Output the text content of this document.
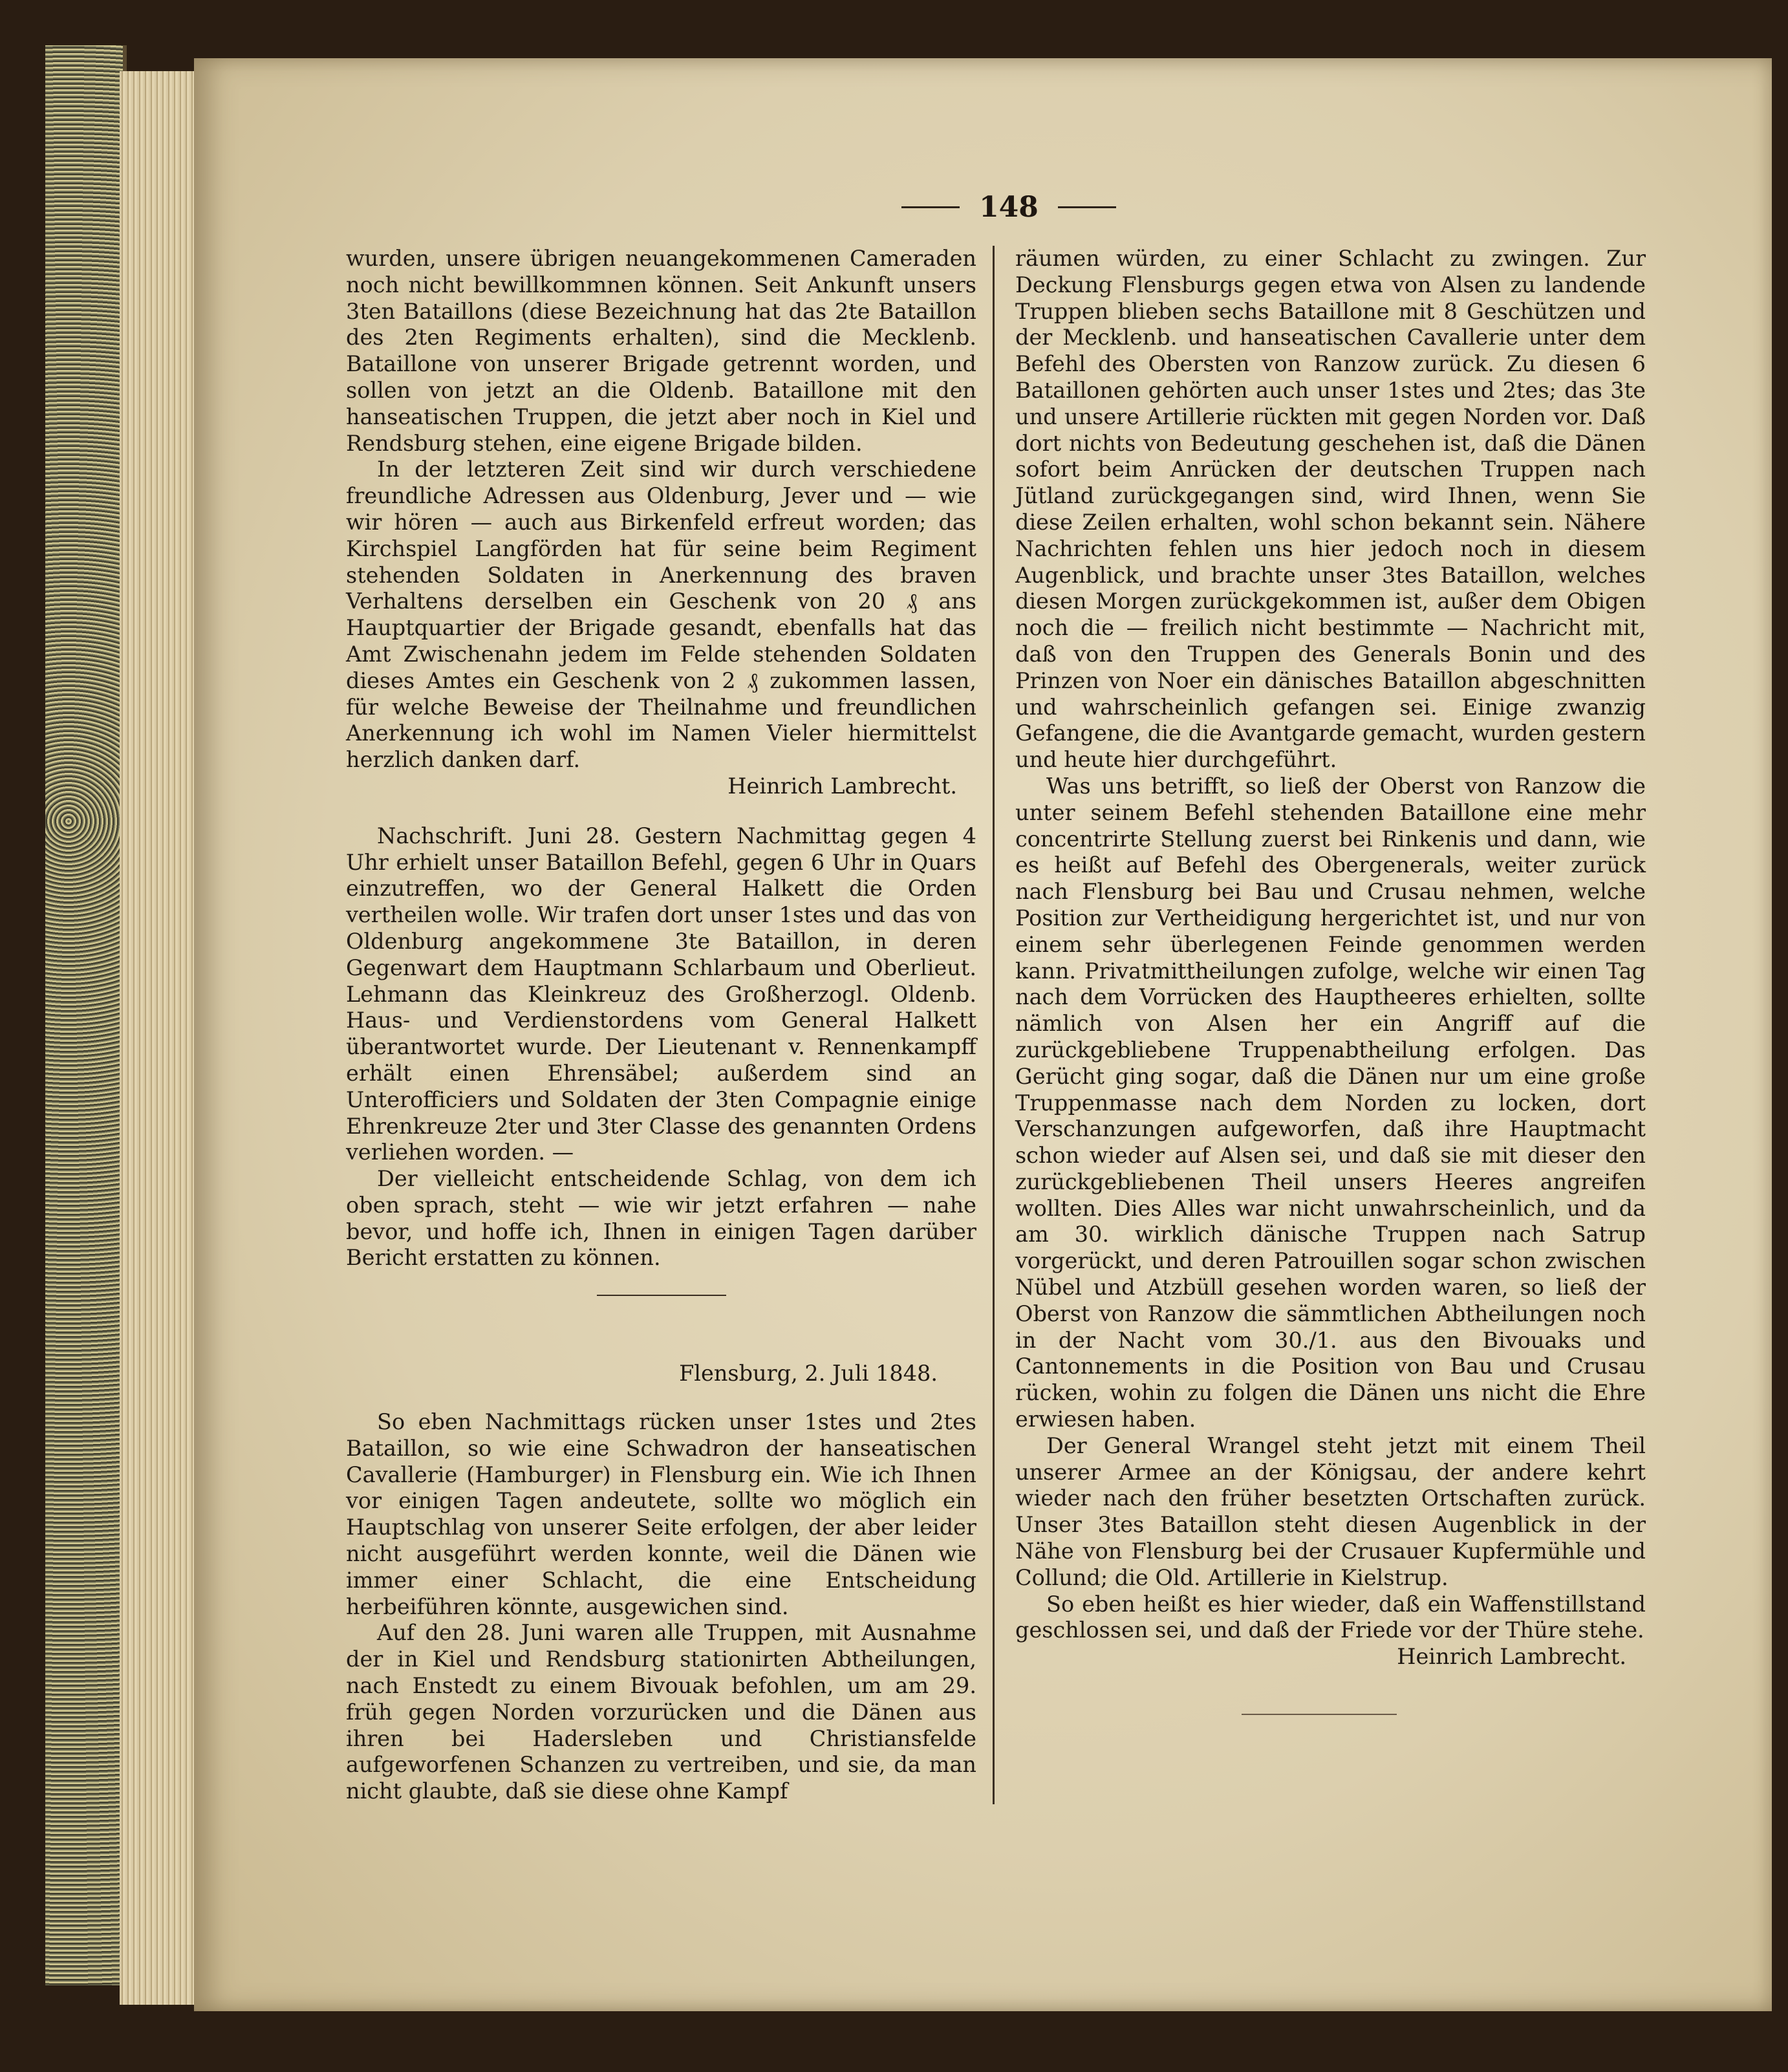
148

wurden, unsere übrigen neuangekommenen Cameraden noch nicht bewillkommnen können. Seit Ankunft unsers 3ten Bataillons (diese Bezeichnung hat das 2te Bataillon des 2ten Regiments erhalten), sind die Mecklenb. Bataillone von unserer Brigade getrennt worden, und sollen von jetzt an die Oldenb. Bataillone mit den hanseatischen Truppen, die jetzt aber noch in Kiel und Rendsburg stehen, eine eigene Brigade bilden.

In der letzteren Zeit sind wir durch verschiedene freundliche Adressen aus Oldenburg, Jever und — wie wir hören — auch aus Birkenfeld erfreut worden; das Kirchspiel Langförden hat für seine beim Regiment stehenden Soldaten in Anerkennung des braven Verhaltens derselben ein Geschenk von 20 ₰ ans Hauptquartier der Brigade gesandt, ebenfalls hat das Amt Zwischenahn jedem im Felde stehenden Soldaten dieses Amtes ein Geschenk von 2 ₰ zukommen lassen, für welche Beweise der Theilnahme und freundlichen Anerkennung ich wohl im Namen Vieler hiermittelst herzlich danken darf.

Heinrich Lambrecht.

Nachschrift. Juni 28. Gestern Nachmittag gegen 4 Uhr erhielt unser Bataillon Befehl, gegen 6 Uhr in Quars einzutreffen, wo der General Halkett die Orden vertheilen wolle. Wir trafen dort unser 1stes und das von Oldenburg angekommene 3te Bataillon, in deren Gegenwart dem Hauptmann Schlarbaum und Oberlieut. Lehmann das Kleinkreuz des Großherzogl. Oldenb. Haus- und Verdienstordens vom General Halkett überantwortet wurde. Der Lieutenant v. Rennenkampff erhält einen Ehrensäbel; außerdem sind an Unterofficiers und Soldaten der 3ten Compagnie einige Ehrenkreuze 2ter und 3ter Classe des genannten Ordens verliehen worden. —

Der vielleicht entscheidende Schlag, von dem ich oben sprach, steht — wie wir jetzt erfahren — nahe bevor, und hoffe ich, Ihnen in einigen Tagen darüber Bericht erstatten zu können.

Flensburg, 2. Juli 1848.

So eben Nachmittags rücken unser 1stes und 2tes Bataillon, so wie eine Schwadron der hanseatischen Cavallerie (Hamburger) in Flensburg ein. Wie ich Ihnen vor einigen Tagen andeutete, sollte wo möglich ein Hauptschlag von unserer Seite erfolgen, der aber leider nicht ausgeführt werden konnte, weil die Dänen wie immer einer Schlacht, die eine Entscheidung herbeiführen könnte, ausgewichen sind.

Auf den 28. Juni waren alle Truppen, mit Ausnahme der in Kiel und Rendsburg stationirten Abtheilungen, nach Enstedt zu einem Bivouak befohlen, um am 29. früh gegen Norden vorzurücken und die Dänen aus ihren bei Hadersleben und Christiansfelde aufgeworfenen Schanzen zu vertreiben, und sie, da man nicht glaubte, daß sie diese ohne Kampf

räumen würden, zu einer Schlacht zu zwingen. Zur Deckung Flensburgs gegen etwa von Alsen zu landende Truppen blieben sechs Bataillone mit 8 Geschützen und der Mecklenb. und hanseatischen Cavallerie unter dem Befehl des Obersten von Ranzow zurück. Zu diesen 6 Bataillonen gehörten auch unser 1stes und 2tes; das 3te und unsere Artillerie rückten mit gegen Norden vor. Daß dort nichts von Bedeutung geschehen ist, daß die Dänen sofort beim Anrücken der deutschen Truppen nach Jütland zurückgegangen sind, wird Ihnen, wenn Sie diese Zeilen erhalten, wohl schon bekannt sein. Nähere Nachrichten fehlen uns hier jedoch noch in diesem Augenblick, und brachte unser 3tes Bataillon, welches diesen Morgen zurückgekommen ist, außer dem Obigen noch die — freilich nicht bestimmte — Nachricht mit, daß von den Truppen des Generals Bonin und des Prinzen von Noer ein dänisches Bataillon abgeschnitten und wahrscheinlich gefangen sei. Einige zwanzig Gefangene, die die Avantgarde gemacht, wurden gestern und heute hier durchgeführt.

Was uns betrifft, so ließ der Oberst von Ranzow die unter seinem Befehl stehenden Bataillone eine mehr concentrirte Stellung zuerst bei Rinkenis und dann, wie es heißt auf Befehl des Obergenerals, weiter zurück nach Flensburg bei Bau und Crusau nehmen, welche Position zur Vertheidigung hergerichtet ist, und nur von einem sehr überlegenen Feinde genommen werden kann. Privatmittheilungen zufolge, welche wir einen Tag nach dem Vorrücken des Hauptheeres erhielten, sollte nämlich von Alsen her ein Angriff auf die zurückgebliebene Truppenabtheilung erfolgen. Das Gerücht ging sogar, daß die Dänen nur um eine große Truppenmasse nach dem Norden zu locken, dort Verschanzungen aufgeworfen, daß ihre Hauptmacht schon wieder auf Alsen sei, und daß sie mit dieser den zurückgebliebenen Theil unsers Heeres angreifen wollten. Dies Alles war nicht unwahrscheinlich, und da am 30. wirklich dänische Truppen nach Satrup vorgerückt, und deren Patrouillen sogar schon zwischen Nübel und Atzbüll gesehen worden waren, so ließ der Oberst von Ranzow die sämmtlichen Abtheilungen noch in der Nacht vom 30./1. aus den Bivouaks und Cantonnements in die Position von Bau und Crusau rücken, wohin zu folgen die Dänen uns nicht die Ehre erwiesen haben.

Der General Wrangel steht jetzt mit einem Theil unserer Armee an der Königsau, der andere kehrt wieder nach den früher besetzten Ortschaften zurück. Unser 3tes Bataillon steht diesen Augenblick in der Nähe von Flensburg bei der Crusauer Kupfermühle und Collund; die Old. Artillerie in Kielstrup.

So eben heißt es hier wieder, daß ein Waffenstillstand geschlossen sei, und daß der Friede vor der Thüre stehe.

Heinrich Lambrecht.
